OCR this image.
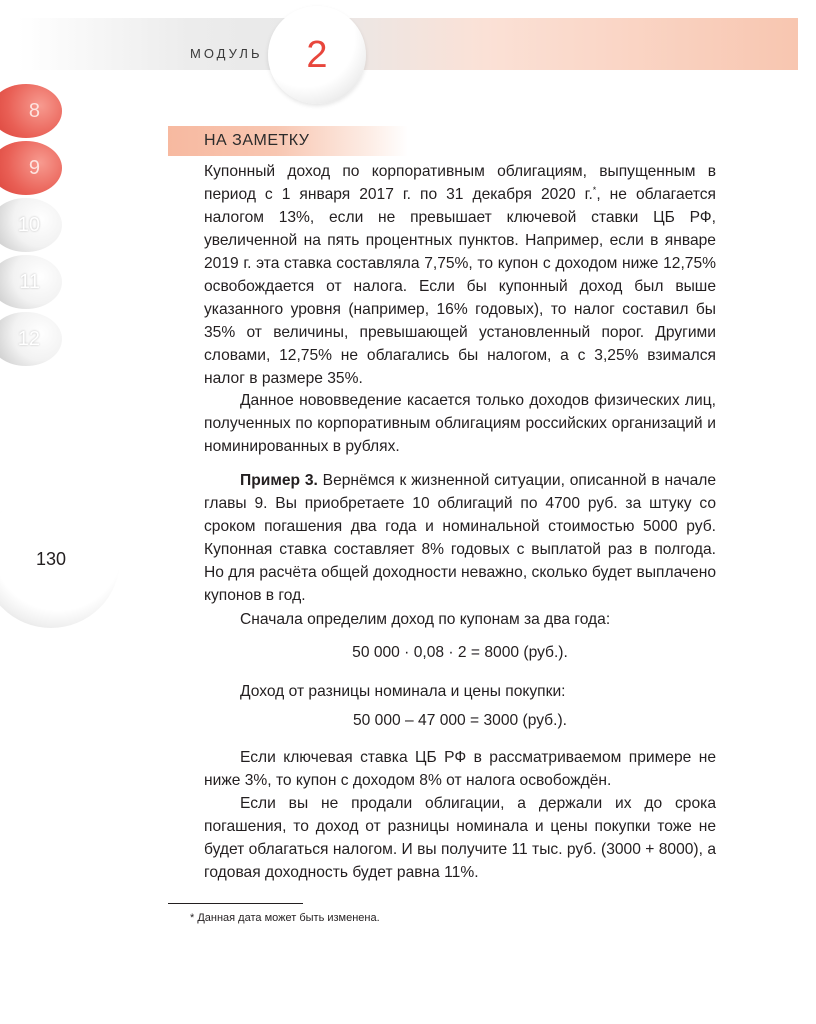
МОДУЛЬ	2
8
9
10
11
12
130
НА ЗАМЕТКУ
Купонный доход по корпоративным облигациям, выпущенным в период с 1 января 2017 г. по 31 декабря 2020 г.*, не облагается налогом 13%, если не превышает ключевой ставки ЦБ РФ, увеличенной на пять процентных пунктов. Например, если в январе 2019 г. эта ставка составляла 7,75%, то купон с доходом ниже 12,75% освобождается от налога. Если бы купонный доход был выше указанного уровня (например, 16% годовых), то налог составил бы 35% от величины, превышающей установленный порог. Другими словами, 12,75% не облагались бы налогом, а с 3,25% взимался налог в размере 35%.
Данное нововведение касается только доходов физических лиц, полученных по корпоративным облигациям российских организаций и номинированных в рублях.
Пример 3. Вернёмся к жизненной ситуации, описанной в начале главы 9. Вы приобретаете 10 облигаций по 4700 руб. за штуку со сроком погашения два года и номинальной стоимостью 5000 руб. Купонная ставка составляет 8% годовых с выплатой раз в полгода. Но для расчёта общей доходности неважно, сколько будет выплачено купонов в год.
Сначала определим доход по купонам за два года:
50 000 · 0,08 · 2 = 8000 (руб.).
Доход от разницы номинала и цены покупки:
50 000 – 47 000 = 3000 (руб.).
Если ключевая ставка ЦБ РФ в рассматриваемом примере не ниже 3%, то купон с доходом 8% от налога освобождён.
Если вы не продали облигации, а держали их до срока погашения, то доход от разницы номинала и цены покупки тоже не будет облагаться налогом. И вы получите 11 тыс. руб. (3000 + 8000), а годовая доходность будет равна 11%.
* Данная дата может быть изменена.
